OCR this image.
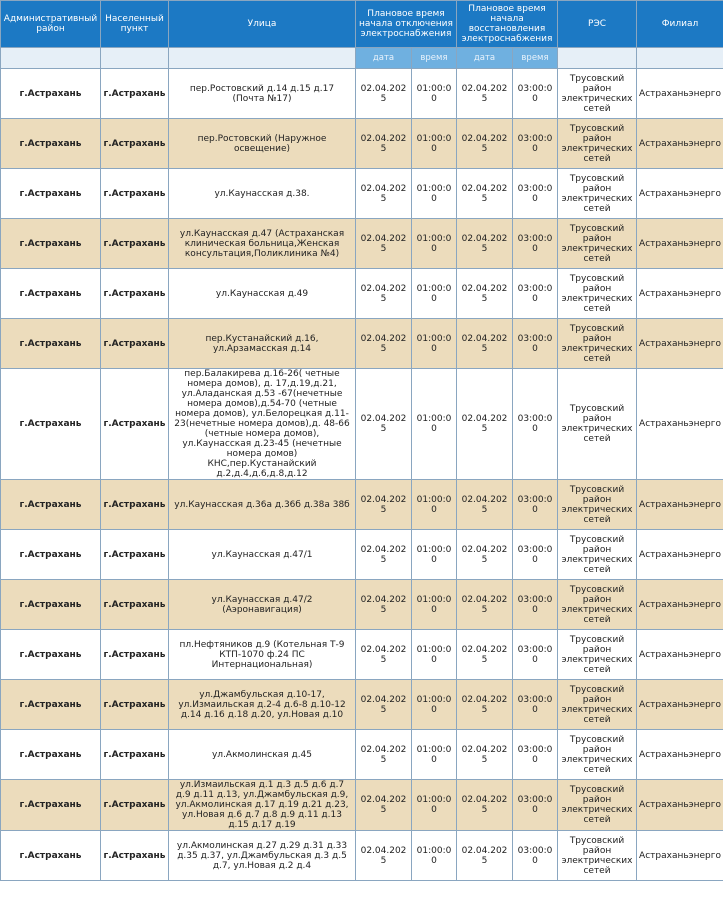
Административный район	Населенный пункт	Улица	Плановое время начала отключения электроснабжения		Плановое время начала восстановления электроснабжения		РЭС	Филиал
			дата	время	дата	время		
г.Астрахань	г.Астрахань	пер.Ростовский д.14 д.15 д.17 (Почта №17)	02.04.2025	01:00:00	02.04.2025	03:00:00	Трусовский район электрических сетей	Астраханьэнерго
г.Астрахань	г.Астрахань	пер.Ростовский (Наружное освещение)	02.04.2025	01:00:00	02.04.2025	03:00:00	Трусовский район электрических сетей	Астраханьэнерго
г.Астрахань	г.Астрахань	ул.Каунасская д.38.	02.04.2025	01:00:00	02.04.2025	03:00:00	Трусовский район электрических сетей	Астраханьэнерго
г.Астрахань	г.Астрахань	ул.Каунасская д.47 (Астраханская клиническая больница,Женская консультация,Поликлиника №4)	02.04.2025	01:00:00	02.04.2025	03:00:00	Трусовский район электрических сетей	Астраханьэнерго
г.Астрахань	г.Астрахань	ул.Каунасская д.49	02.04.2025	01:00:00	02.04.2025	03:00:00	Трусовский район электрических сетей	Астраханьэнерго
г.Астрахань	г.Астрахань	пер.Кустанайский д.16, ул.Арзамасская д.14	02.04.2025	01:00:00	02.04.2025	03:00:00	Трусовский район электрических сетей	Астраханьэнерго
г.Астрахань	г.Астрахань	пер.Балакирева д.16-26( четные номера домов), д. 17,д.19,д.21, ул.Аладанская д.53 -67(нечетные номера домов),д.54-70 (четные номера домов), ул.Белорецкая д.11-23(нечетные номера домов),д. 48-66 (четные номера домов), ул.Каунасская д.23-45 (нечетные номера домов) КНС,пер.Кустанайский д.2,д.4,д.6,д.8,д.12	02.04.2025	01:00:00	02.04.2025	03:00:00	Трусовский район электрических сетей	Астраханьэнерго
г.Астрахань	г.Астрахань	ул.Каунасская д.36а д.36б д.38а 38б	02.04.2025	01:00:00	02.04.2025	03:00:00	Трусовский район электрических сетей	Астраханьэнерго
г.Астрахань	г.Астрахань	ул.Каунасская д.47/1	02.04.2025	01:00:00	02.04.2025	03:00:00	Трусовский район электрических сетей	Астраханьэнерго
г.Астрахань	г.Астрахань	ул.Каунасская д.47/2 (Аэронавигация)	02.04.2025	01:00:00	02.04.2025	03:00:00	Трусовский район электрических сетей	Астраханьэнерго
г.Астрахань	г.Астрахань	пл.Нефтяников д.9 (Котельная Т-9 КТП-1070 ф.24 ПС Интернациональная)	02.04.2025	01:00:00	02.04.2025	03:00:00	Трусовский район электрических сетей	Астраханьэнерго
г.Астрахань	г.Астрахань	ул.Джамбульская д.10-17, ул.Измаильская д.2-4 д.6-8 д.10-12 д.14 д.16 д.18 д.20, ул.Новая д.10	02.04.2025	01:00:00	02.04.2025	03:00:00	Трусовский район электрических сетей	Астраханьэнерго
г.Астрахань	г.Астрахань	ул.Акмолинская д.45	02.04.2025	01:00:00	02.04.2025	03:00:00	Трусовский район электрических сетей	Астраханьэнерго
г.Астрахань	г.Астрахань	ул.Измаильская д.1 д.3 д.5 д.6 д.7 д.9 д.11 д.13, ул.Джамбульская д.9, ул.Акмолинская д.17 д.19 д.21 д.23, ул.Новая д.6 д.7 д.8 д.9 д.11 д.13 д.15 д.17 д.19	02.04.2025	01:00:00	02.04.2025	03:00:00	Трусовский район электрических сетей	Астраханьэнерго
г.Астрахань	г.Астрахань	ул.Акмолинская д.27 д.29 д.31 д.33 д.35 д.37, ул.Джамбульская д.3 д.5 д.7, ул.Новая д.2 д.4	02.04.2025	01:00:00	02.04.2025	03:00:00	Трусовский район электрических сетей	Астраханьэнерго
